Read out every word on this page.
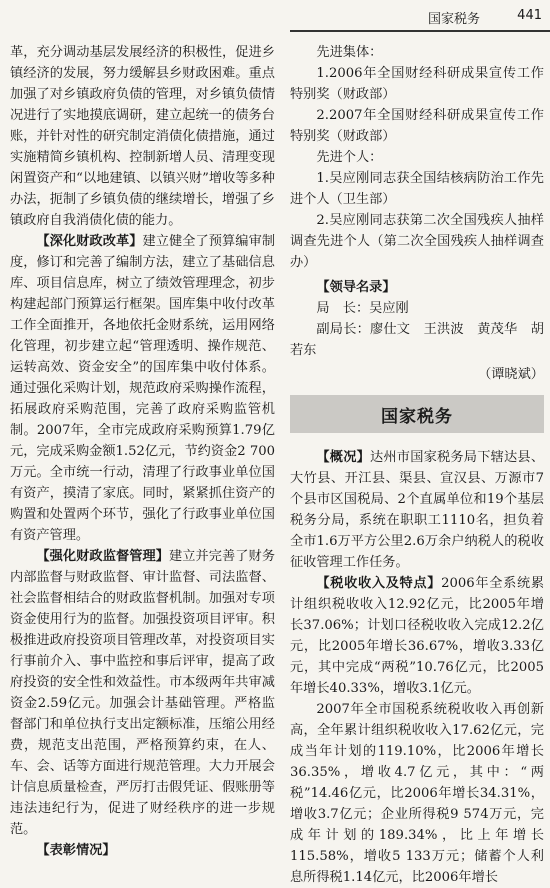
国家税务	441

革，充分调动基层发展经济的积极性，促进乡镇经济的发展，努力缓解县乡财政困难。重点加强了对乡镇政府负债的管理，对乡镇负债情况进行了实地摸底调研，建立起统一的债务台账，并针对性的研究制定消债化债措施，通过实施精简乡镇机构、控制新增人员、清理变现闲置资产和“以地建镇、以镇兴财”增收等多种办法，扼制了乡镇负债的继续增长，增强了乡镇政府自我消债化债的能力。

【深化财政改革】建立健全了预算编审制度，修订和完善了编制方法，建立了基础信息库、项目信息库，树立了绩效管理理念，初步构建起部门预算运行框架。国库集中收付改革工作全面推开，各地依托金财系统，运用网络化管理，初步建立起“管理透明、操作规范、运转高效、资金安全”的国库集中收付体系。通过强化采购计划，规范政府采购操作流程，拓展政府采购范围，完善了政府采购监管机制。2007年，全市完成政府采购预算1.79亿元，完成采购金额1.52亿元，节约资金2 700万元。全市统一行动，清理了行政事业单位国有资产，摸清了家底。同时，紧紧抓住资产的购置和处置两个环节，强化了行政事业单位国有资产管理。

【强化财政监督管理】建立并完善了财务内部监督与财政监督、审计监督、司法监督、社会监督相结合的财政监督机制。加强对专项资金使用行为的监督。加强投资项目评审。积极推进政府投资项目管理改革，对投资项目实行事前介入、事中监控和事后评审，提高了政府投资的安全性和效益性。市本级两年共审减资金2.59亿元。加强会计基础管理。严格监督部门和单位执行支出定额标准，压缩公用经费，规范支出范围，严格预算约束，在人、车、会、话等方面进行规范管理。大力开展会计信息质量检查，严厉打击假凭证、假账册等违法违纪行为，促进了财经秩序的进一步规范。

【表彰情况】

先进集体：

1.2006年全国财经科研成果宣传工作特别奖（财政部）

2.2007年全国财经科研成果宣传工作特别奖（财政部）

先进个人：

1.吴应刚同志获全国结核病防治工作先进个人（卫生部）

2.吴应刚同志获第二次全国残疾人抽样调查先进个人（第二次全国残疾人抽样调查办）

【领导名录】

局　长：吴应刚

副局长：廖仕文　王洪波　黄茂华　胡若东

（谭晓斌）
国家税务

【概况】达州市国家税务局下辖达县、大竹县、开江县、渠县、宣汉县、万源市7个县市区国税局、2个直属单位和19个基层税务分局，系统在职职工1110名，担负着全市1.6万平方公里2.6万余户纳税人的税收征收管理工作任务。

【税收收入及特点】2006年全系统累计组织税收收入12.92亿元，比2005年增长37.06%；计划口径税收收入完成12.2亿元，比2005年增长36.67%，增收3.33亿元，其中完成“两税”10.76亿元，比2005年增长40.33%，增收3.1亿元。

2007年全市国税系统税收收入再创新高，全年累计组织税收收入17.62亿元，完成当年计划的119.10%，比2006年增长36.35%，增收4.7亿元，其中：“两税”14.46亿元，比2006年增长34.31%，增收3.7亿元；企业所得税9 574万元，完成年计划的189.34%，比上年增长115.58%，增收5 133万元；储蓄个人利息所得税1.14亿元，比2006年增长
